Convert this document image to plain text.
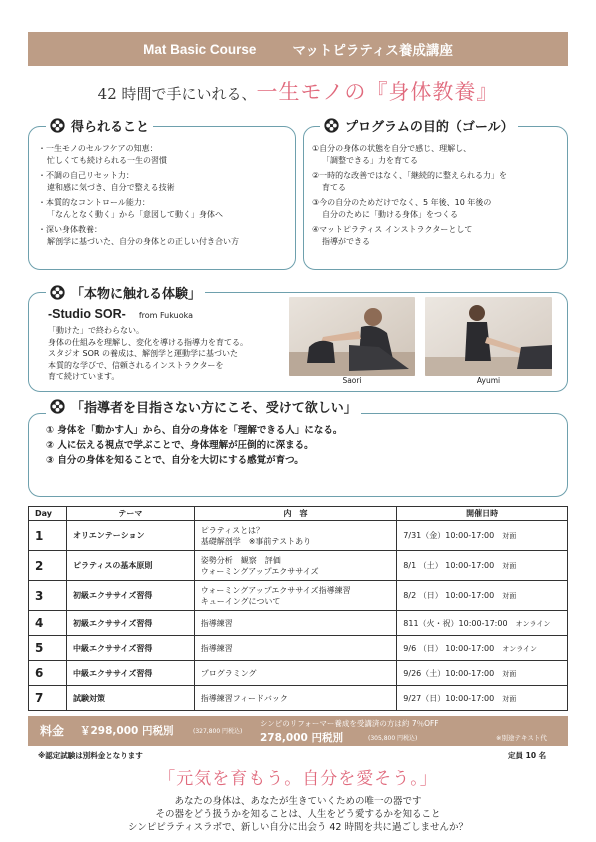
Mat Basic Course	マットピラティス養成講座
42 時間で手にいれる、一生モノの『身体教養』
得られること
・一生モノのセルフケアの知恵：
忙しくても続けられる一生の習慣
・不調の自己リセット力：
違和感に気づき、自分で整える技術
・本質的なコントロール能力：
「なんとなく動く」から「意図して動く」身体へ
・深い身体教養：
解剖学に基づいた、自分の身体との正しい付き合い方
プログラムの目的（ゴール）
①自分の身体の状態を自分で感じ、理解し、
「調整できる」力を育てる
②一時的な改善ではなく、「継続的に整えられる力」を
育てる
③今の自分のためだけでなく、5 年後、10 年後の
自分のために「動ける身体」をつくる
④マットピラティス インストラクターとして
指導ができる
「本物に触れる体験」
-Studio SOR- from Fukuoka
「動けた」で終わらない。
身体の仕組みを理解し、変化を導ける指導力を育てる。
スタジオ SOR の養成は、解剖学と運動学に基づいた
本質的な学びで、信頼されるインストラクターを
育て続けています。	Saori	Ayumi
「指導者を目指さない方にこそ、受けて欲しい」
① 身体を「動かす人」から、自分の身体を「理解できる人」になる。
② 人に伝える視点で学ぶことで、身体理解が圧倒的に深まる。
③ 自分の身体を知ることで、自分を大切にする感覚が育つ。
Day	テーマ	内　容	開催日時
1	オリエンテーション	ピラティスとは？
基礎解剖学　※事前テストあり	7/31（金）10:00-17:00　 対面
2	ピラティスの基本原則	姿勢分析　観察　評価
ウォーミングアップエクササイズ	8/1 （土） 10:00-17:00　 対面
3	初級エクササイズ習得	ウォーミングアップエクササイズ指導練習
キューイングについて	8/2 （日） 10:00-17:00　 対面
4	初級エクササイズ習得	指導練習	811（火・祝）10:00-17:00　 オンライン
5	中級エクササイズ習得	指導練習	9/6 （日） 10:00-17:00　 オンライン
6	中級エクササイズ習得	プログラミング	9/26（土）10:00-17:00　 対面
7	試験対策	指導練習フィードバック	9/27（日）10:00-17:00　 対面
料金 ￥298,000 円税別	(327,800 円税込)
シンピのリフォーマー養成を受講済の方は約 7％OFF
278,000 円税別	(305,800 円税込)	※別途テキスト代
※認定試験は別料金となります	定員 10 名
「元気を育もう。自分を愛そう。」
あなたの身体は、あなたが生きていくための唯一の器です
その器をどう扱うかを知ることは、人生をどう愛するかを知ること
シンピピラティスラボで、新しい自分に出会う 42 時間を共に過ごしませんか？
